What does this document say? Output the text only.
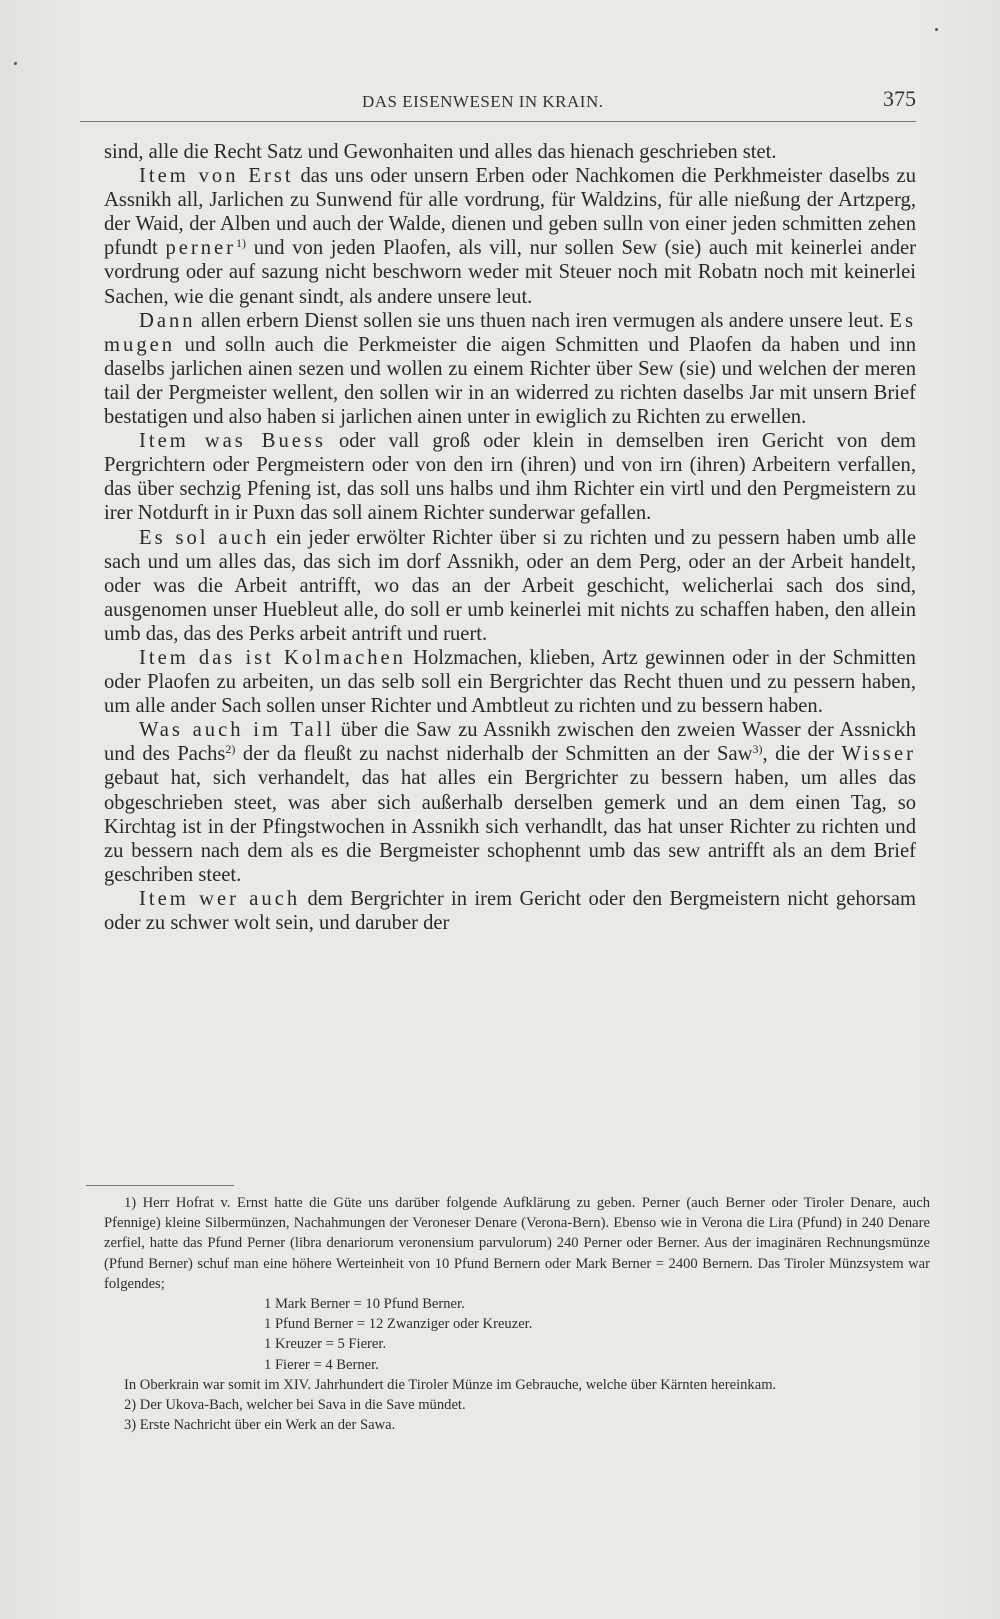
DAS EISENWESEN IN KRAIN.	375

sind, alle die Recht Satz und Gewonhaiten und alles das hienach geschrieben stet.

Item von Erst das uns oder unsern Erben oder Nachkomen die Perkhmeister daselbs zu Assnikh all, Jarlichen zu Sunwend für alle vordrung, für Waldzins, für alle nießung der Artzperg, der Waid, der Alben und auch der Walde, dienen und geben sulln von einer jeden schmitten zehen pfundt perner$^{1)}$ und von jeden Plaofen, als vill, nur sollen Sew (sie) auch mit keinerlei ander vordrung oder auf sazung nicht beschworn weder mit Steuer noch mit Robatn noch mit keinerlei Sachen, wie die genant sindt, als andere unsere leut.

Dann allen erbern Dienst sollen sie uns thuen nach iren vermugen als andere unsere leut. Es mugen und solln auch die Perkmeister die aigen Schmitten und Plaofen da haben und inn daselbs jarlichen ainen sezen und wollen zu einem Richter über Sew (sie) und welchen der meren tail der Pergmeister wellent, den sollen wir in an widerred zu richten daselbs Jar mit unsern Brief bestatigen und also haben si jarlichen ainen unter in ewiglich zu Richten zu erwellen.

Item was Buess oder vall groß oder klein in demselben iren Gericht von dem Pergrichtern oder Pergmeistern oder von den irn (ihren) und von irn (ihren) Arbeitern verfallen, das über sechzig Pfening ist, das soll uns halbs und ihm Richter ein virtl und den Pergmeistern zu irer Notdurft in ir Puxn das soll ainem Richter sunderwar gefallen.

Es sol auch ein jeder erwölter Richter über si zu richten und zu pessern haben umb alle sach und um alles das, das sich im dorf Assnikh, oder an dem Perg, oder an der Arbeit handelt, oder was die Arbeit antrifft, wo das an der Arbeit geschicht, welicherlai sach dos sind, ausgenomen unser Huebleut alle, do soll er umb keinerlei mit nichts zu schaffen haben, den allein umb das, das des Perks arbeit antrift und ruert.

Item das ist Kolmachen Holzmachen, klieben, Artz gewinnen oder in der Schmitten oder Plaofen zu arbeiten, un das selb soll ein Bergrichter das Recht thuen und zu pessern haben, um alle ander Sach sollen unser Richter und Ambtleut zu richten und zu bessern haben.

Was auch im Tall über die Saw zu Assnikh zwischen den zweien Wasser der Assnickh und des Pachs$^{2)}$ der da fleußt zu nachst niderhalb der Schmitten an der Saw$^{3)}$, die der Wisser gebaut hat, sich verhandelt, das hat alles ein Bergrichter zu bessern haben, um alles das obgeschrieben steet, was aber sich außerhalb derselben gemerk und an dem einen Tag, so Kirchtag ist in der Pfingstwochen in Assnikh sich verhandlt, das hat unser Richter zu richten und zu bessern nach dem als es die Bergmeister schophennt umb das sew antrifft als an dem Brief geschriben steet.

Item wer auch dem Bergrichter in irem Gericht oder den Bergmeistern nicht gehorsam oder zu schwer wolt sein, und daruber der

1) Herr Hofrat v. Ernst hatte die Güte uns darüber folgende Aufklärung zu geben. Perner (auch Berner oder Tiroler Denare, auch Pfennige) kleine Silbermünzen, Nachahmungen der Veroneser Denare (Verona-Bern). Ebenso wie in Verona die Lira (Pfund) in 240 Denare zerfiel, hatte das Pfund Perner (libra denariorum veronensium parvulorum) 240 Perner oder Berner. Aus der imaginären Rechnungsmünze (Pfund Berner) schuf man eine höhere Werteinheit von 10 Pfund Bernern oder Mark Berner = 2400 Bernern. Das Tiroler Münzsystem war folgendes;

1 Mark Berner = 10 Pfund Berner.
1 Pfund Berner = 12 Zwanziger oder Kreuzer.
1 Kreuzer = 5 Fierer.
1 Fierer = 4 Berner.

In Oberkrain war somit im XIV. Jahrhundert die Tiroler Münze im Gebrauche, welche über Kärnten hereinkam.

2) Der Ukova-Bach, welcher bei Sava in die Save mündet.

3) Erste Nachricht über ein Werk an der Sawa.
